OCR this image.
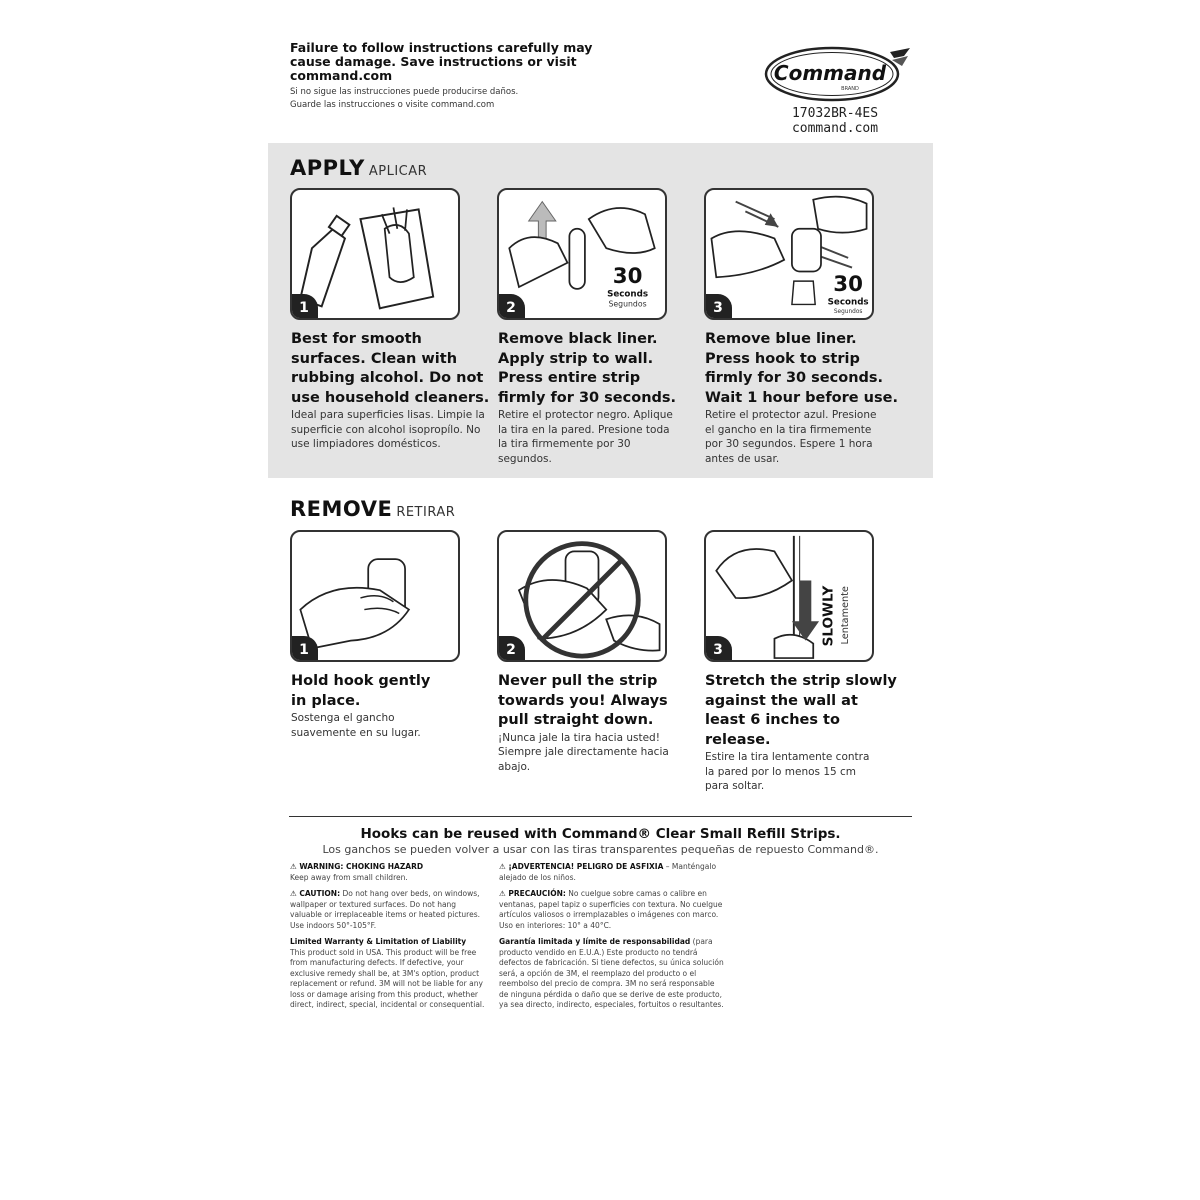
Failure to follow instructions carefully may cause damage. Save instructions or visit command.com
Si no sigue las instrucciones puede producirse daños. Guarde las instrucciones o visite command.com
Command
BRAND
17032BR-4ES
command.com
APPLY APLICAR
1
30
Seconds
Segundos
2
30
Seconds
Segundos
3
Best for smooth surfaces. Clean with rubbing alcohol. Do not use household cleaners.
Ideal para superficies lisas. Limpie la superficie con alcohol isopropílo. No use limpiadores domésticos.
Remove black liner. Apply strip to wall. Press entire strip firmly for 30 seconds.
Retire el protector negro. Aplique la tira en la pared. Presione toda la tira firmemente por 30 segundos.
Remove blue liner. Press hook to strip firmly for 30 seconds. Wait 1 hour before use.
Retire el protector azul. Presione el gancho en la tira firmemente por 30 segundos. Espere 1 hora antes de usar.
REMOVE RETIRAR
1	2
SLOWLY Lentamente
3
Hold hook gently in place.
Sostenga el gancho suavemente en su lugar.
Never pull the strip towards you! Always pull straight down.
¡Nunca jale la tira hacia usted! Siempre jale directamente hacia abajo.
Stretch the strip slowly against the wall at least 6 inches to release.
Estire la tira lentamente contra la pared por lo menos 15 cm para soltar.
Hooks can be reused with Command® Clear Small Refill Strips.
Los ganchos se pueden volver a usar con las tiras transparentes pequeñas de repuesto Command®.
⚠ WARNING: CHOKING HAZARD
Keep away from small children.
⚠ CAUTION: Do not hang over beds, on windows, wallpaper or textured surfaces. Do not hang valuable or irreplaceable items or heated pictures. Use indoors 50°-105°F.
Limited Warranty & Limitation of Liability
This product sold in USA. This product will be free from manufacturing defects. If defective, your exclusive remedy shall be, at 3M's option, product replacement or refund. 3M will not be liable for any loss or damage arising from this product, whether direct, indirect, special, incidental or consequential.
⚠ ¡ADVERTENCIA! PELIGRO DE ASFIXIA – Manténgalo alejado de los niños.
⚠ PRECAUCIÓN: No cuelgue sobre camas o calibre en ventanas, papel tapiz o superficies con textura. No cuelgue artículos valiosos o irremplazables o imágenes con marco. Uso en interiores: 10° a 40°C.
Garantía limitada y límite de responsabilidad (para producto vendido en E.U.A.) Este producto no tendrá defectos de fabricación. Si tiene defectos, su única solución será, a opción de 3M, el reemplazo del producto o el reembolso del precio de compra. 3M no será responsable de ninguna pérdida o daño que se derive de este producto, ya sea directo, indirecto, especiales, fortuitos o resultantes.
